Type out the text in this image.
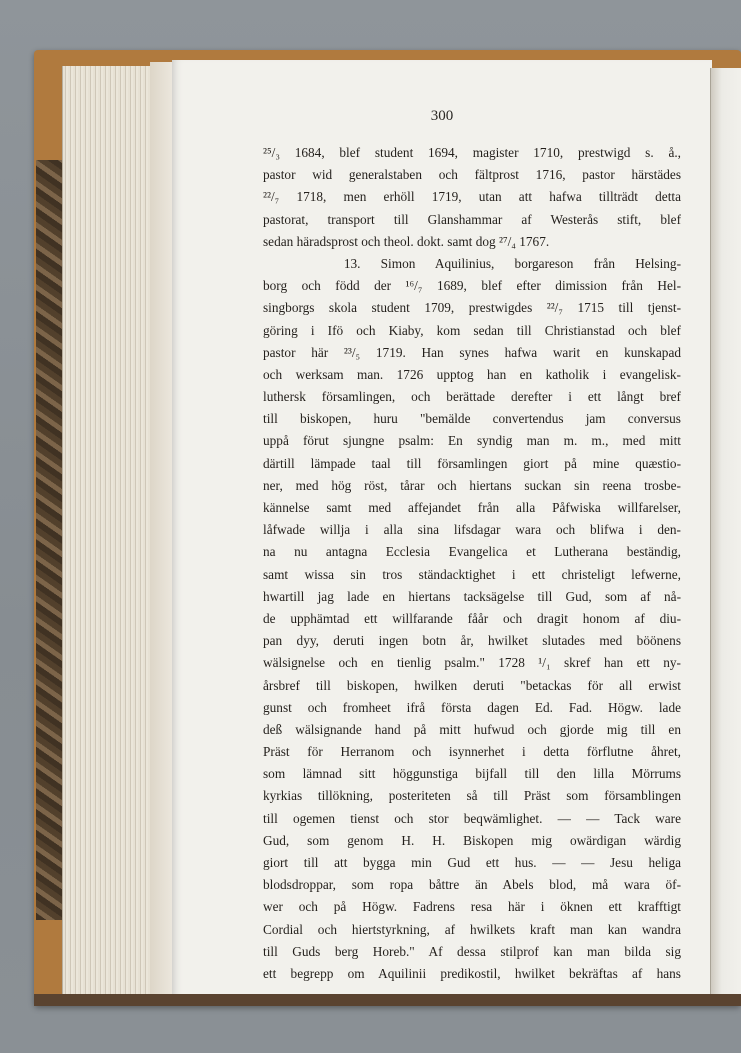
300
²⁵/₃ 1684, blef student 1694, magister 1710, prestwigd s. å.,
pastor wid generalstaben och fältprost 1716, pastor härstädes
²²/₇ 1718, men erhöll 1719, utan att hafwa tillträdt detta
pastorat, transport till Glanshammar af Westerås stift, blef
sedan häradsprost och theol. dokt. samt dog ²⁷/₄ 1767.
13. Simon Aquilinius, borgareson från Helsing-
borg och född der ¹⁶/₇ 1689, blef efter dimission från Hel-
singborgs skola student 1709, prestwigdes ²²/₇ 1715 till tjenst-
göring i Ifö och Kiaby, kom sedan till Christianstad och blef
pastor här ²³/₅ 1719. Han synes hafwa warit en kunskapad
och werksam man. 1726 upptog han en katholik i evangelisk-
luthersk församlingen, och berättade derefter i ett långt bref
till biskopen, huru "bemälde convertendus jam conversus
uppå förut sjungne psalm: En syndig man m. m., med mitt
därtill lämpade taal till församlingen giort på mine quæstio-
ner, med hög röst, tårar och hiertans suckan sin reena trosbe-
kännelse samt med affejandet från alla Påfwiska willfarelser,
låfwade willja i alla sina lifsdagar wara och blifwa i den-
na nu antagna Ecclesia Evangelica et Lutherana beständig,
samt wissa sin tros ständacktighet i ett christeligt lefwerne,
hwartill jag lade en hiertans tacksägelse till Gud, som af nå-
de upphämtad ett willfarande fåår och dragit honom af diu-
pan dyy, deruti ingen botn år, hwilket slutades med böönens
wälsignelse och en tienlig psalm." 1728 ¹/₁ skref han ett ny-
årsbref till biskopen, hwilken deruti "betackas för all erwist
gunst och fromheet ifrå första dagen Ed. Fad. Högw. lade
deß wälsignande hand på mitt hufwud och gjorde mig till en
Präst för Herranom och isynnerhet i detta förflutne åhret,
som lämnad sitt höggunstiga bijfall till den lilla Mörrums
kyrkias tillökning, posteriteten så till Präst som församblingen
till ogemen tienst och stor beqwämlighet. — — Tack ware
Gud, som genom H. H. Biskopen mig owärdigan wärdig
giort till att bygga min Gud ett hus. — — Jesu heliga
blodsdroppar, som ropa båttre än Abels blod, må wara öf-
wer och på Högw. Fadrens resa här i öknen ett krafftigt
Cordial och hiertstyrkning, af hwilkets kraft man kan wandra
till Guds berg Horeb." Af dessa stilprof kan man bilda sig
ett begrepp om Aquilinii predikostil, hwilket bekräftas af hans
